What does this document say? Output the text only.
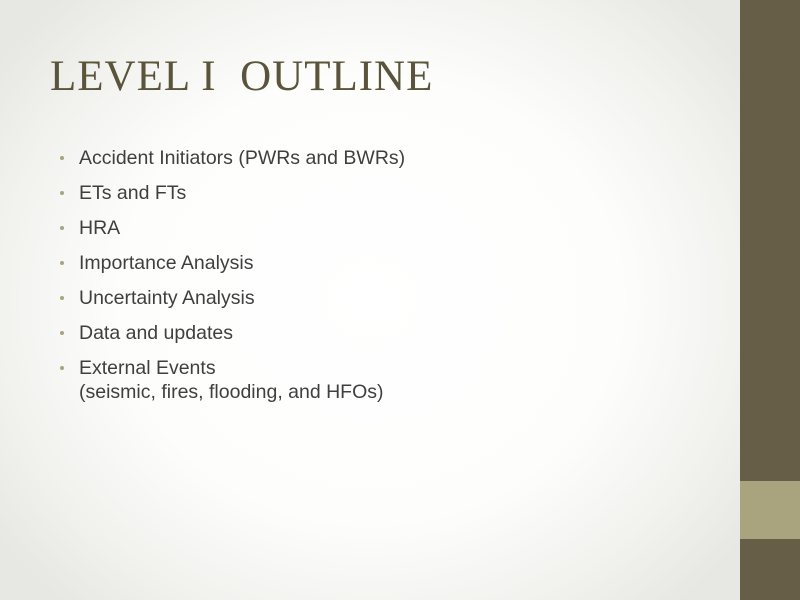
LEVEL I  OUTLINE
Accident Initiators (PWRs and BWRs)
ETs and FTs
HRA
Importance Analysis
Uncertainty Analysis
Data and updates
External Events
(seismic, fires, flooding, and HFOs)
